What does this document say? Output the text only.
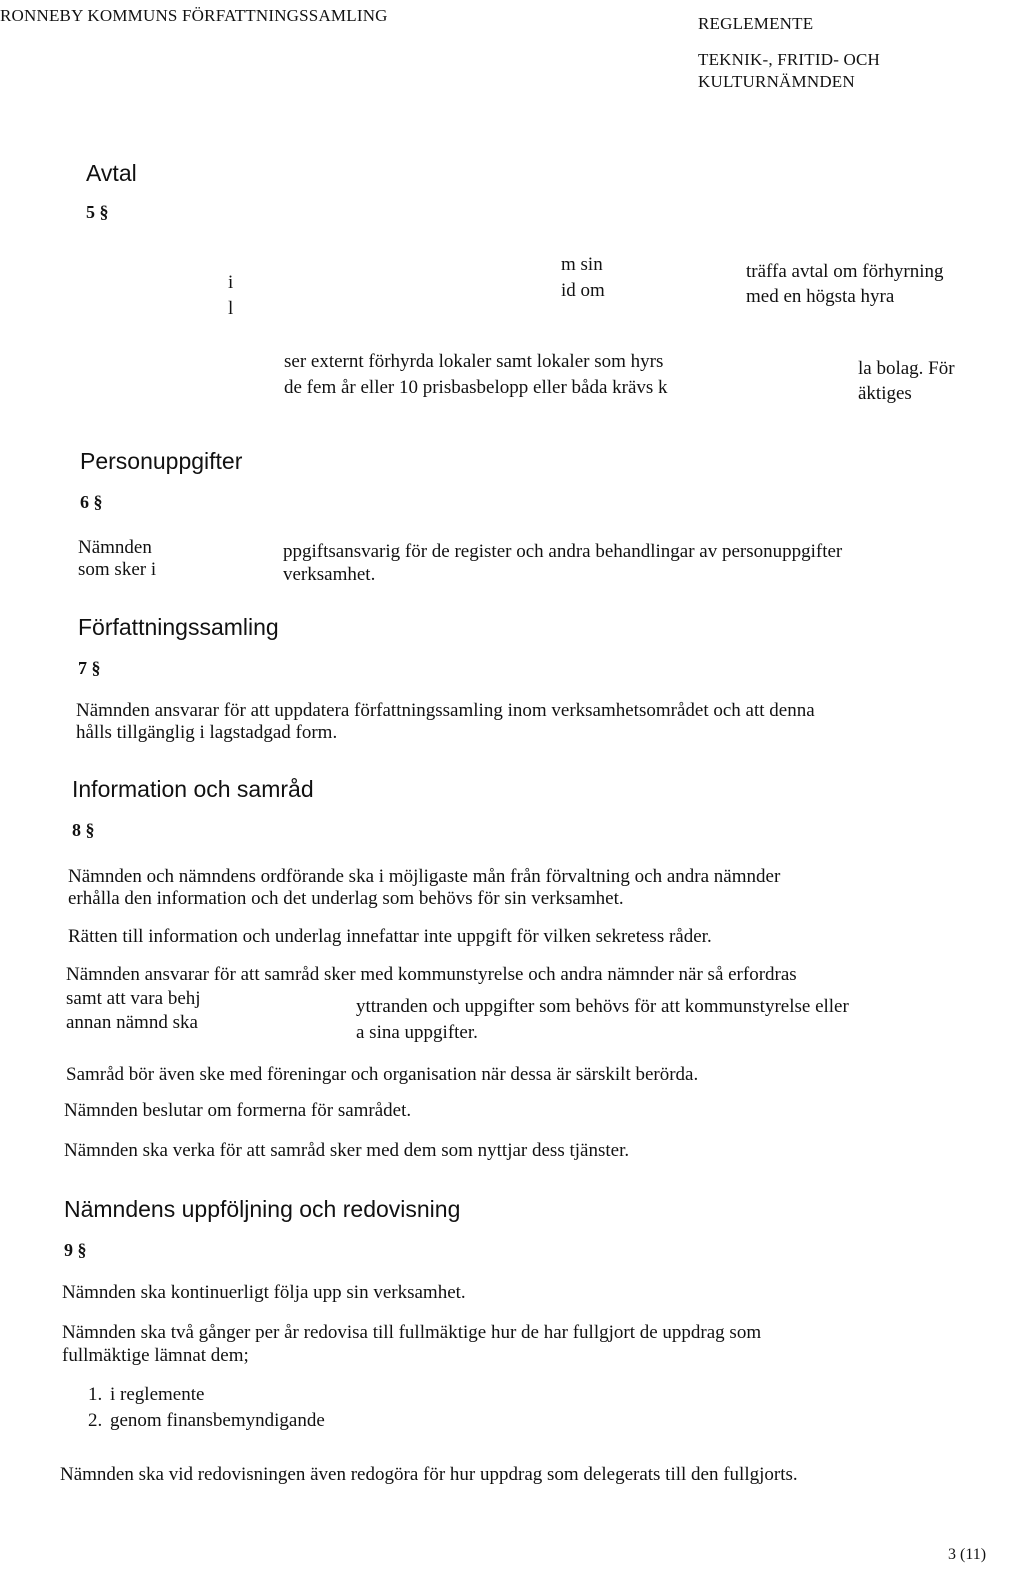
RONNEBY KOMMUNS FÖRFATTNINGSSAMLING	REGLEMENTE
TEKNIK-, FRITID- OCH
KULTURNÄMNDEN
Avtal
5 §
i
l
m sin
id om
träffa avtal om förhyrning
med en högsta hyra
ser externt förhyrda lokaler samt lokaler som hyrs
de fem år eller 10 prisbasbelopp eller båda krävs k
la bolag. För
äktiges
Personuppgifter
6 §
Nämnden
som sker i
ppgiftsansvarig för de register och andra behandlingar av personuppgifter
verksamhet.
Författningssamling
7 §
Nämnden ansvarar för att uppdatera författningssamling inom verksamhetsområdet och att denna
hålls tillgänglig i lagstadgad form.
Information och samråd
8 §
Nämnden och nämndens ordförande ska i möjligaste mån från förvaltning och andra nämnder
erhålla den information och det underlag som behövs för sin verksamhet.
Rätten till information och underlag innefattar inte uppgift för vilken sekretess råder.
Nämnden ansvarar för att samråd sker med kommunstyrelse och andra nämnder när så erfordras
samt att vara behj	yttranden och uppgifter som behövs för att kommunstyrelse eller
annan nämnd ska	a sina uppgifter.
Samråd bör även ske med föreningar och organisation när dessa är särskilt berörda.
Nämnden beslutar om formerna för samrådet.
Nämnden ska verka för att samråd sker med dem som nyttjar dess tjänster.
Nämndens uppföljning och redovisning
9 §
Nämnden ska kontinuerligt följa upp sin verksamhet.
Nämnden ska två gånger per år redovisa till fullmäktige hur de har fullgjort de uppdrag som
fullmäktige lämnat dem;
1. i reglemente
2. genom finansbemyndigande
Nämnden ska vid redovisningen även redogöra för hur uppdrag som delegerats till den fullgjorts.
3 (11)
